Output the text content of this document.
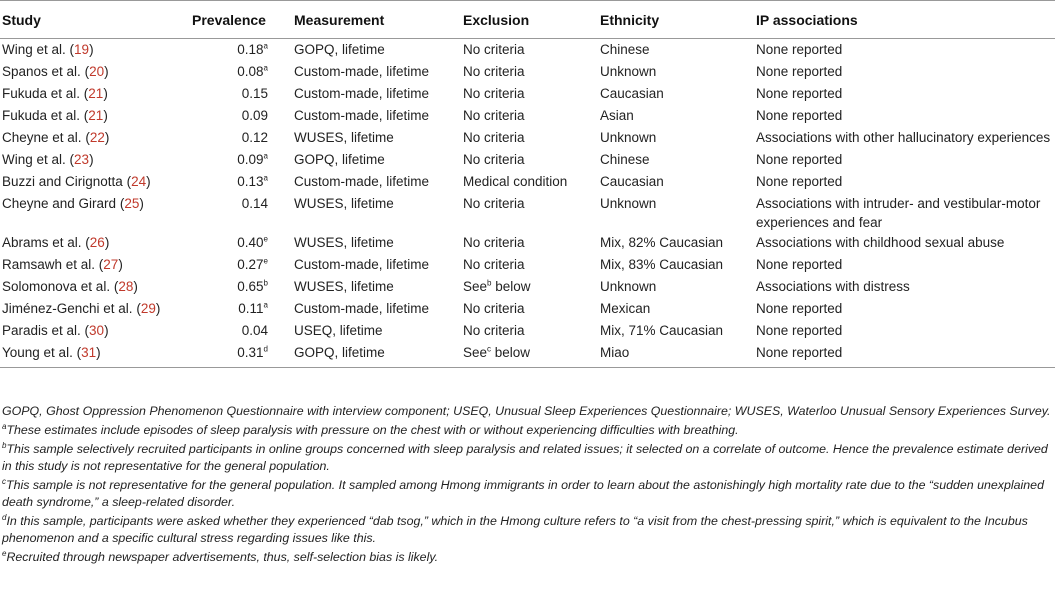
Study	Prevalence	Measurement	Exclusion	Ethnicity	IP associations
Wing et al. (19)	0.18$^a$	GOPQ, lifetime	No criteria	Chinese	None reported
Spanos et al. (20)	0.08$^a$	Custom-made, lifetime	No criteria	Unknown	None reported
Fukuda et al. (21)	0.15	Custom-made, lifetime	No criteria	Caucasian	None reported
Fukuda et al. (21)	0.09	Custom-made, lifetime	No criteria	Asian	None reported
Cheyne et al. (22)	0.12	WUSES, lifetime	No criteria	Unknown	Associations with other hallucinatory experiences
Wing et al. (23)	0.09$^a$	GOPQ, lifetime	No criteria	Chinese	None reported
Buzzi and Cirignotta (24)	0.13$^a$	Custom-made, lifetime	Medical condition	Caucasian	None reported
Cheyne and Girard (25)	0.14	WUSES, lifetime	No criteria	Unknown	Associations with intruder- and vestibular-motor experiences and fear
Abrams et al. (26)	0.40e	WUSES, lifetime	No criteria	Mix, 82% Caucasian	Associations with childhood sexual abuse
Ramsawh et al. (27)	0.27e	Custom-made, lifetime	No criteria	Mix, 83% Caucasian	None reported
Solomonova et al. (28)	0.65$^b$	WUSES, lifetime	See$^b$ below	Unknown	Associations with distress
Jiménez-Genchi et al. (29)	0.11$^a$	Custom-made, lifetime	No criteria	Mexican	None reported
Paradis et al. (30)	0.04	USEQ, lifetime	No criteria	Mix, 71% Caucasian	None reported
Young et al. (31)	0.31$^d$	GOPQ, lifetime	See$^c$ below	Miao	None reported

GOPQ, Ghost Oppression Phenomenon Questionnaire with interview component; USEQ, Unusual Sleep Experiences Questionnaire; WUSES, Waterloo Unusual Sensory Experiences Survey.

$^a$These estimates include episodes of sleep paralysis with pressure on the chest with or without experiencing difficulties with breathing.

$^b$This sample selectively recruited participants in online groups concerned with sleep paralysis and related issues; it selected on a correlate of outcome. Hence the prevalence estimate derived in this study is not representative for the general population.

$^c$This sample is not representative for the general population. It sampled among Hmong immigrants in order to learn about the astonishingly high mortality rate due to the “sudden unexplained death syndrome,” a sleep-related disorder.

$^d$In this sample, participants were asked whether they experienced “dab tsog,” which in the Hmong culture refers to “a visit from the chest-pressing spirit,” which is equivalent to the Incubus phenomenon and a specific cultural stress regarding issues like this.

$^e$Recruited through newspaper advertisements, thus, self-selection bias is likely.
